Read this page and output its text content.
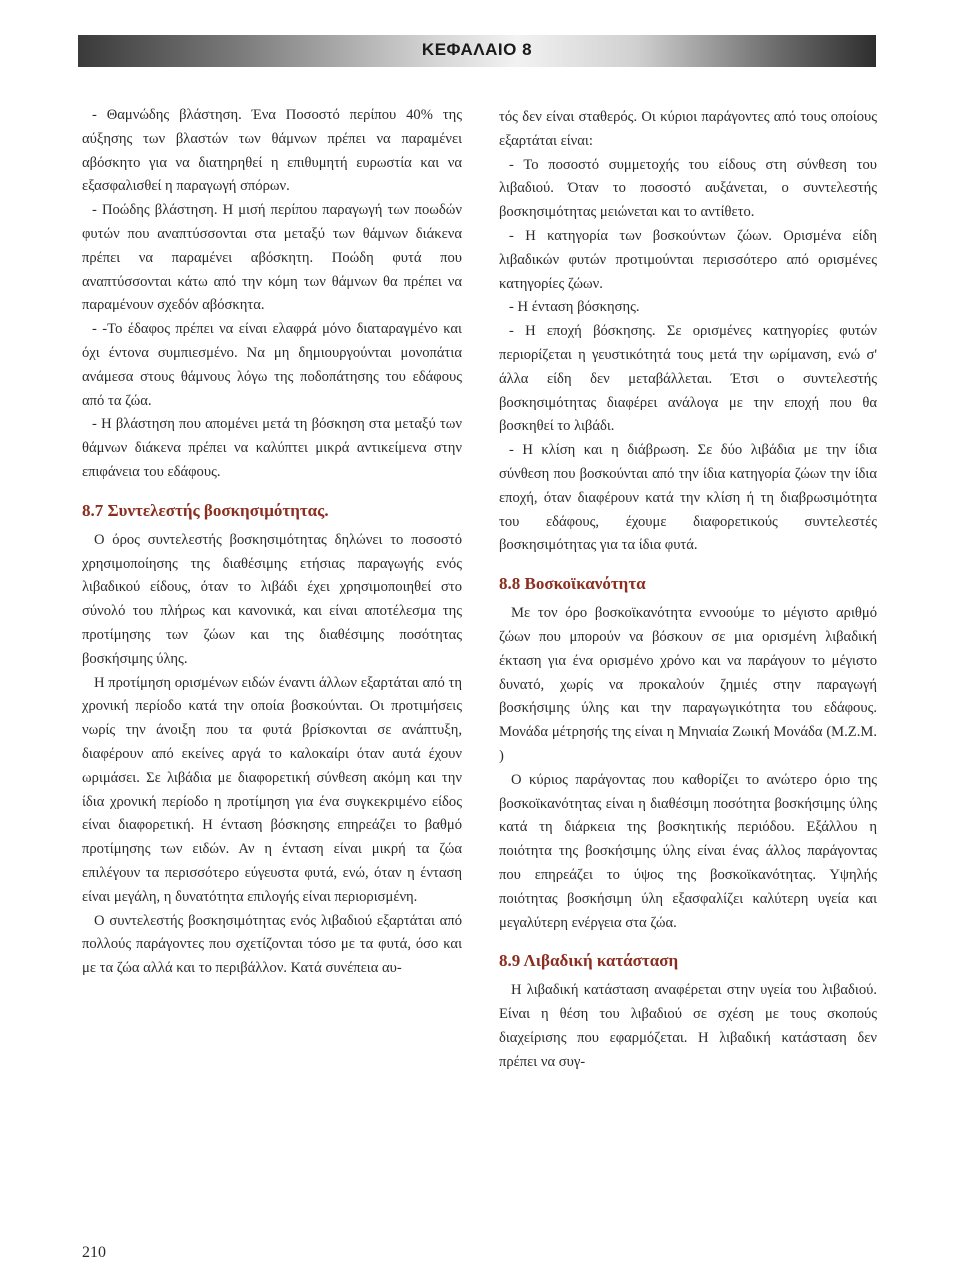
ΚΕΦΑΛΑΙΟ 8

- Θαμνώδης βλάστηση. Ένα Ποσοστό περίπου 40% της αύξησης των βλαστών των θάμνων πρέπει να παραμένει αβόσκητο για να διατηρηθεί η επιθυμητή ευρωστία και να εξασφαλισθεί η παραγωγή σπόρων.

- Ποώδης βλάστηση. Η μισή περίπου παραγωγή των ποωδών φυτών που αναπτύσσονται στα μεταξύ των θάμνων διάκενα πρέπει να παραμένει αβόσκητη. Ποώδη φυτά που αναπτύσσονται κάτω από την κόμη των θάμνων θα πρέπει να παραμένουν σχεδόν αβόσκητα.

- -Το έδαφος πρέπει να είναι ελαφρά μόνο διαταραγμένο και όχι έντονα συμπιεσμένο. Να μη δημιουργούνται μονοπάτια ανάμεσα στους θάμνους λόγω της ποδοπάτησης του εδάφους από τα ζώα.

- Η βλάστηση που απομένει μετά τη βόσκηση στα μεταξύ των θάμνων διάκενα πρέπει να καλύπτει μικρά αντικείμενα στην επιφάνεια του εδάφους.

8.7 Συντελεστής βοσκησιμότητας.

Ο όρος συντελεστής βοσκησιμότητας δηλώνει το ποσοστό χρησιμοποίησης της διαθέσιμης ετήσιας παραγωγής ενός λιβαδικού είδους, όταν το λιβάδι έχει χρησιμοποιηθεί στο σύνολό του πλήρως και κανονικά, και είναι αποτέλεσμα της προτίμησης των ζώων και της διαθέσιμης ποσότητας βοσκήσιμης ύλης.

Η προτίμηση ορισμένων ειδών έναντι άλλων εξαρτάται από τη χρονική περίοδο κατά την οποία βοσκούνται. Οι προτιμήσεις νωρίς την άνοιξη που τα φυτά βρίσκονται σε ανάπτυξη, διαφέρουν από εκείνες αργά το καλοκαίρι όταν αυτά έχουν ωριμάσει. Σε λιβάδια με διαφορετική σύνθεση ακόμη και την ίδια χρονική περίοδο η προτίμηση για ένα συγκεκριμένο είδος είναι διαφορετική. Η ένταση βόσκησης επηρεάζει το βαθμό προτίμησης των ειδών. Αν η ένταση είναι μικρή τα ζώα επιλέγουν τα περισσότερο εύγευστα φυτά, ενώ, όταν η ένταση είναι μεγάλη, η δυνατότητα επιλογής είναι περιορισμένη.

Ο συντελεστής βοσκησιμότητας ενός λιβαδιού εξαρτάται από πολλούς παράγοντες που σχετίζονται τόσο με τα φυτά, όσο και με τα ζώα αλλά και το περιβάλλον. Κατά συνέπεια αυ-

τός δεν είναι σταθερός. Οι κύριοι παράγοντες από τους οποίους εξαρτάται είναι:

- Το ποσοστό συμμετοχής του είδους στη σύνθεση του λιβαδιού. Όταν το ποσοστό αυξάνεται, ο συντελεστής βοσκησιμότητας μειώνεται και το αντίθετο.

- Η κατηγορία των βοσκούντων ζώων. Ορισμένα είδη λιβαδικών φυτών προτιμούνται περισσότερο από ορισμένες κατηγορίες ζώων.

- Η ένταση βόσκησης.

- Η εποχή βόσκησης. Σε ορισμένες κατηγορίες φυτών περιορίζεται η γευστικότητά τους μετά την ωρίμανση, ενώ σ' άλλα είδη δεν μεταβάλλεται. Έτσι ο συντελεστής βοσκησιμότητας διαφέρει ανάλογα με την εποχή που θα βοσκηθεί το λιβάδι.

- Η κλίση και η διάβρωση. Σε δύο λιβάδια με την ίδια σύνθεση που βοσκούνται από την ίδια κατηγορία ζώων την ίδια εποχή, όταν διαφέρουν κατά την κλίση ή τη διαβρωσιμότητα του εδάφους, έχουμε διαφορετικούς συντελεστές βοσκησιμότητας για τα ίδια φυτά.

8.8 Βοσκοϊκανότητα

Με τον όρο βοσκοϊκανότητα εννοούμε το μέγιστο αριθμό ζώων που μπορούν να βόσκουν σε μια ορισμένη λιβαδική έκταση για ένα ορισμένο χρόνο και να παράγουν το μέγιστο δυνατό, χωρίς να προκαλούν ζημιές στην παραγωγή βοσκήσιμης ύλης και την παραγωγικότητα του εδάφους. Μονάδα μέτρησής της είναι η Μηνιαία Ζωική Μονάδα (Μ.Ζ.Μ. )

Ο κύριος παράγοντας που καθορίζει το ανώτερο όριο της βοσκοϊκανότητας είναι η διαθέσιμη ποσότητα βοσκήσιμης ύλης κατά τη διάρκεια της βοσκητικής περιόδου. Εξάλλου η ποιότητα της βοσκήσιμης ύλης είναι ένας άλλος παράγοντας που επηρεάζει το ύψος της βοσκοϊκανότητας. Υψηλής ποιότητας βοσκήσιμη ύλη εξασφαλίζει καλύτερη υγεία και μεγαλύτερη ενέργεια στα ζώα.

8.9 Λιβαδική κατάσταση

Η λιβαδική κατάσταση αναφέρεται στην υγεία του λιβαδιού. Είναι η θέση του λιβαδιού σε σχέση με τους σκοπούς διαχείρισης που εφαρμόζεται. Η λιβαδική κατάσταση δεν πρέπει να συγ-

210
